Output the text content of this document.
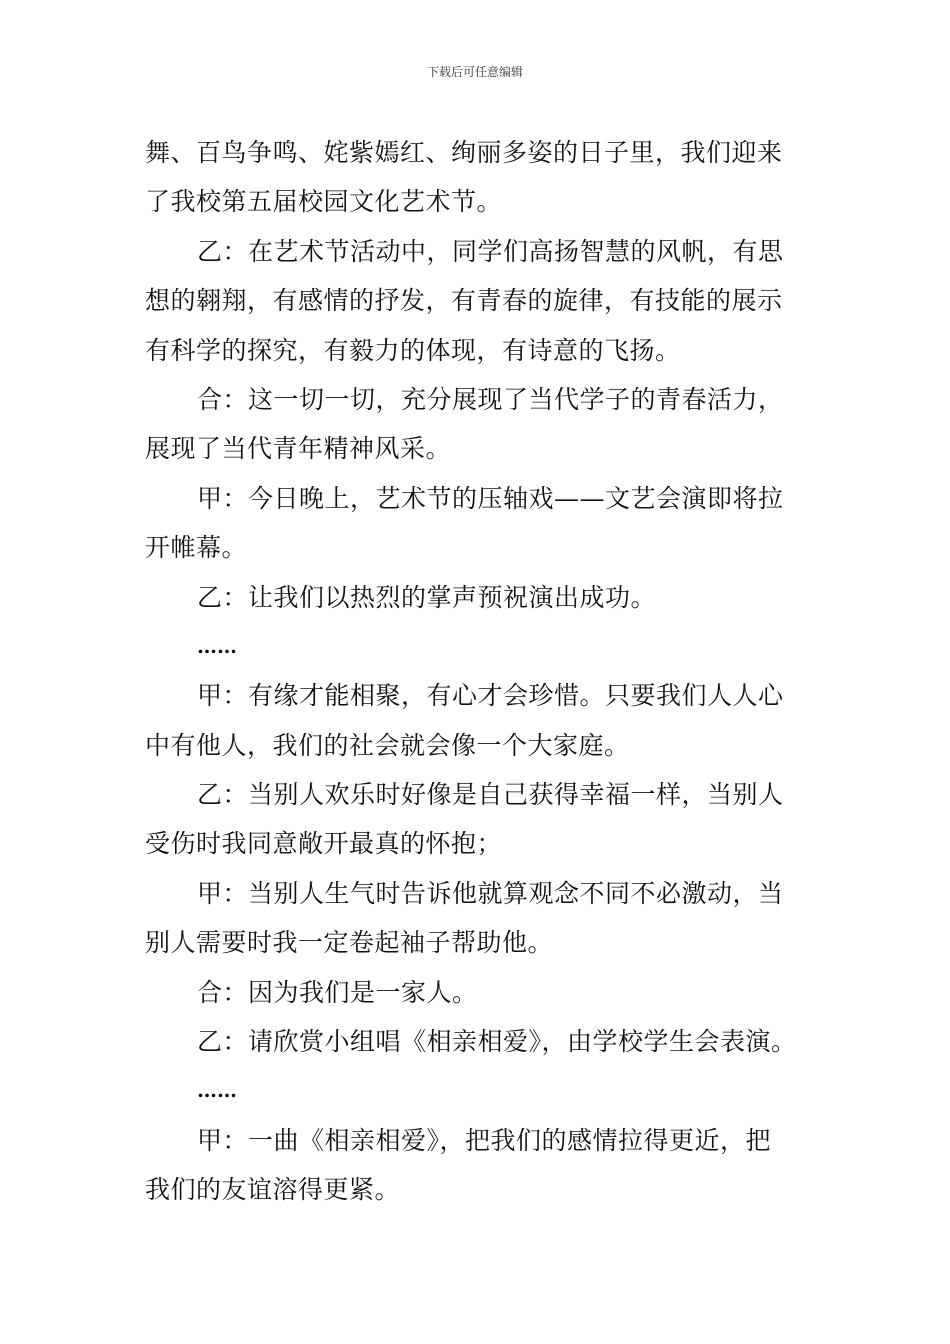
下载后可任意编辑
舞、百鸟争鸣、姹紫嫣红、绚丽多姿的日子里，我们迎来
了我校第五届校园文化艺术节。
乙：在艺术节活动中，同学们高扬智慧的风帆，有思
想的翱翔，有感情的抒发，有青春的旋律，有技能的展示
有科学的探究，有毅力的体现，有诗意的飞扬。
合：这一切一切，充分展现了当代学子的青春活力，
展现了当代青年精神风采。
甲：今日晚上，艺术节的压轴戏——文艺会演即将拉
开帷幕。
乙：让我们以热烈的掌声预祝演出成功。
……
甲：有缘才能相聚，有心才会珍惜。只要我们人人心
中有他人，我们的社会就会像一个大家庭。
乙：当别人欢乐时好像是自己获得幸福一样，当别人
受伤时我同意敞开最真的怀抱；
甲：当别人生气时告诉他就算观念不同不必激动，当
别人需要时我一定卷起袖子帮助他。
合：因为我们是一家人。
乙：请欣赏小组唱《相亲相爱》，由学校学生会表演。
……
甲：一曲《相亲相爱》，把我们的感情拉得更近，把
我们的友谊溶得更紧。
